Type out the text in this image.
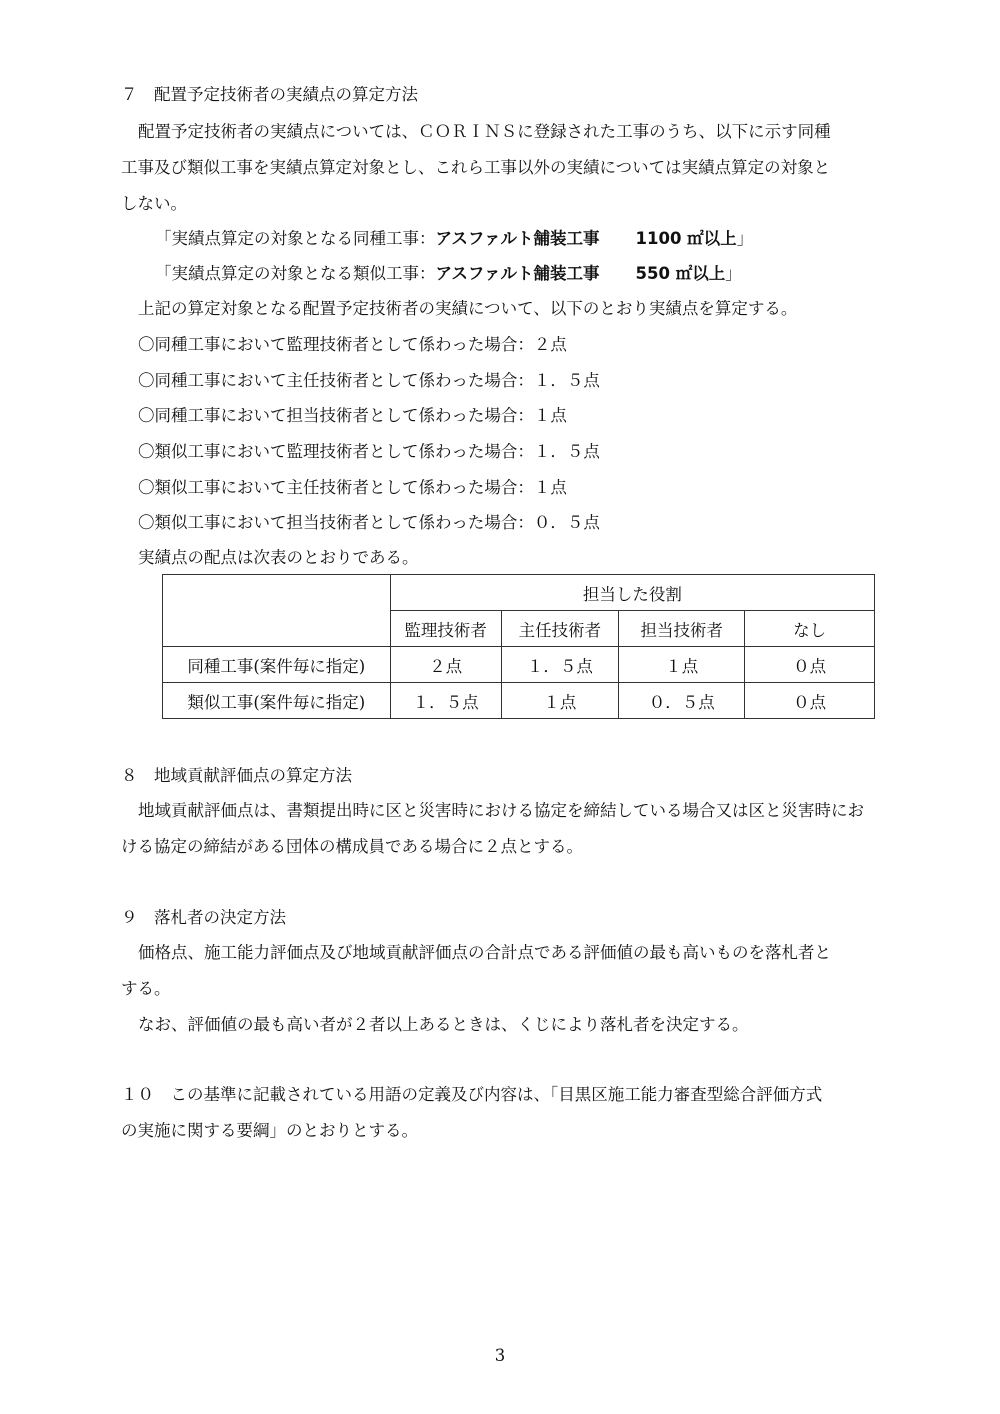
７　配置予定技術者の実績点の算定方法
配置予定技術者の実績点については、ＣＯＲＩＮＳに登録された工事のうち、以下に示す同種
工事及び類似工事を実績点算定対象とし、これら工事以外の実績については実績点算定の対象と
しない。
「実績点算定の対象となる同種工事：アスファルト舗装工事 1100 ㎡以上」
「実績点算定の対象となる類似工事：アスファルト舗装工事 550 ㎡以上」
上記の算定対象となる配置予定技術者の実績について、以下のとおり実績点を算定する。
〇同種工事において監理技術者として係わった場合：２点
〇同種工事において主任技術者として係わった場合：１．５点
〇同種工事において担当技術者として係わった場合：１点
〇類似工事において監理技術者として係わった場合：１．５点
〇類似工事において主任技術者として係わった場合：１点
〇類似工事において担当技術者として係わった場合：０．５点
実績点の配点は次表のとおりである。
	担当した役割			
	監理技術者	主任技術者	担当技術者	なし
同種工事(案件毎に指定)	２点	１．５点	１点	０点
類似工事(案件毎に指定)	１．５点	１点	０．５点	０点
８　地域貢献評価点の算定方法
地域貢献評価点は、書類提出時に区と災害時における協定を締結している場合又は区と災害時にお
ける協定の締結がある団体の構成員である場合に２点とする。
９　落札者の決定方法
価格点、施工能力評価点及び地域貢献評価点の合計点である評価値の最も高いものを落札者と
する。
なお、評価値の最も高い者が２者以上あるときは、くじにより落札者を決定する。
１０　この基準に記載されている用語の定義及び内容は、「目黒区施工能力審査型総合評価方式
の実施に関する要綱」のとおりとする。
3
